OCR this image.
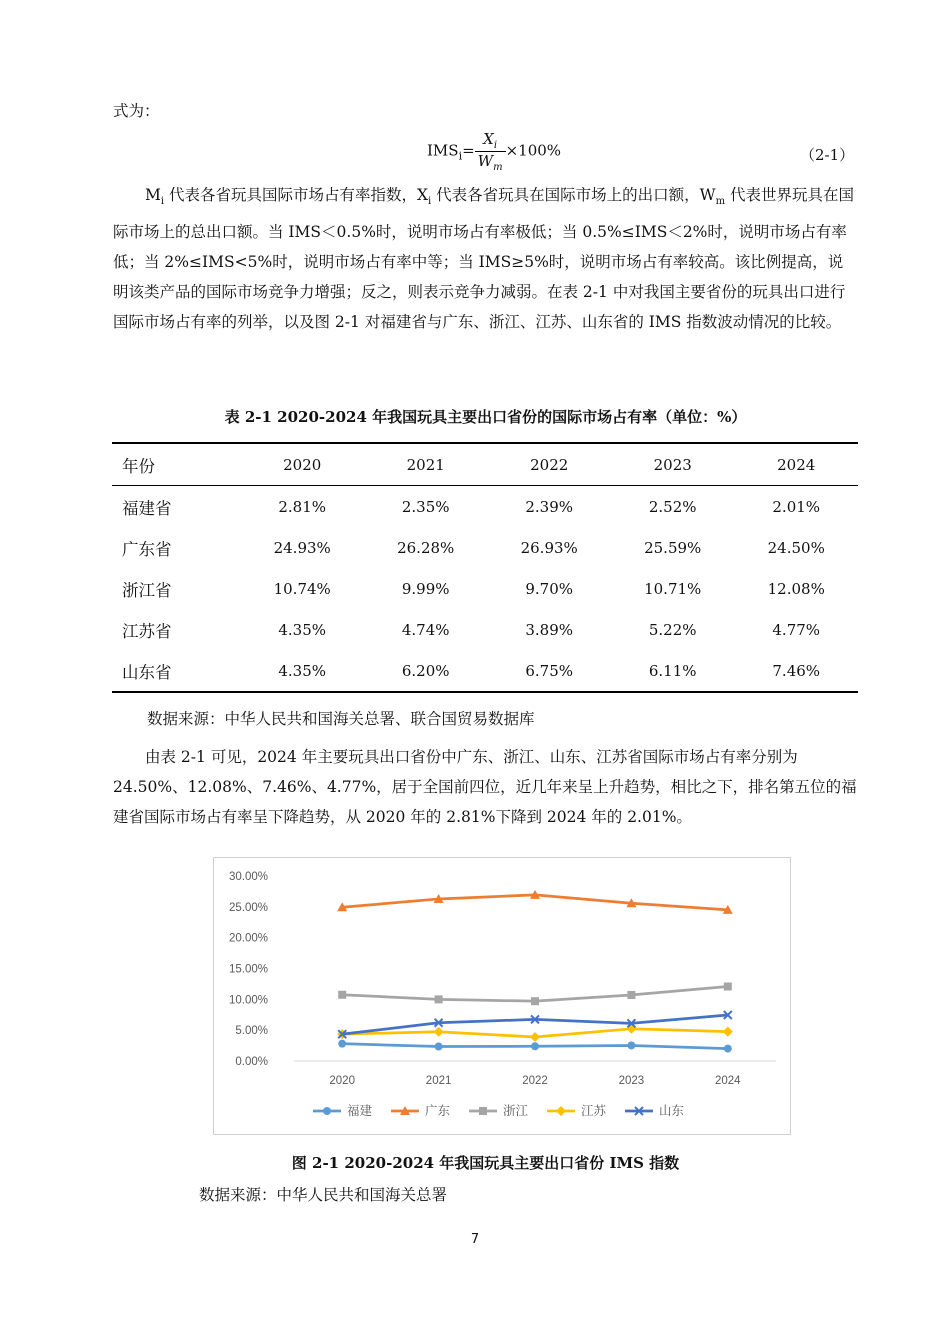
式为：
$IMS_i= \frac{X_i}{W_m} \times 100\%$	（2-1）
$M_i$ 代表各省玩具国际市场占有率指数，$X_i$ 代表各省玩具在国际市场上的出口额，$W_m$ 代表世界玩具在国际市场上的总出口额。当 IMS＜0.5%时，说明市场占有率极低；当 0.5%≤IMS＜2%时，说明市场占有率低；当 2%≤IMS<5%时，说明市场占有率中等；当 IMS≥5%时，说明市场占有率较高。该比例提高，说明该类产品的国际市场竞争力增强；反之，则表示竞争力减弱。在表 2-1 中对我国主要省份的玩具出口进行国际市场占有率的列举，以及图 2-1 对福建省与广东、浙江、江苏、山东省的 IMS 指数波动情况的比较。
表 2-1 2020-2024 年我国玩具主要出口省份的国际市场占有率（单位：%）
年份	2020	2021	2022	2023	2024
福建省	2.81%	2.35%	2.39%	2.52%	2.01%
广东省	24.93%	26.28%	26.93%	25.59%	24.50%
浙江省	10.74%	9.99%	9.70%	10.71%	12.08%
江苏省	4.35%	4.74%	3.89%	5.22%	4.77%
山东省	4.35%	6.20%	6.75%	6.11%	7.46%
数据来源：中华人民共和国海关总署、联合国贸易数据库
由表 2-1 可见，2024 年主要玩具出口省份中广东、浙江、山东、江苏省国际市场占有率分别为 24.50%、12.08%、7.46%、4.77%，居于全国前四位，近几年来呈上升趋势，相比之下，排名第五位的福建省国际市场占有率呈下降趋势，从 2020 年的 2.81%下降到 2024 年的 2.01%。
0.00%
5.00%
10.00%
15.00%
20.00%
25.00%
30.00%
2020	2021	2022	2023	2024
福建	广东	浙江	江苏	山东
图 2-1 2020-2024 年我国玩具主要出口省份 IMS 指数
数据来源：中华人民共和国海关总署
7
